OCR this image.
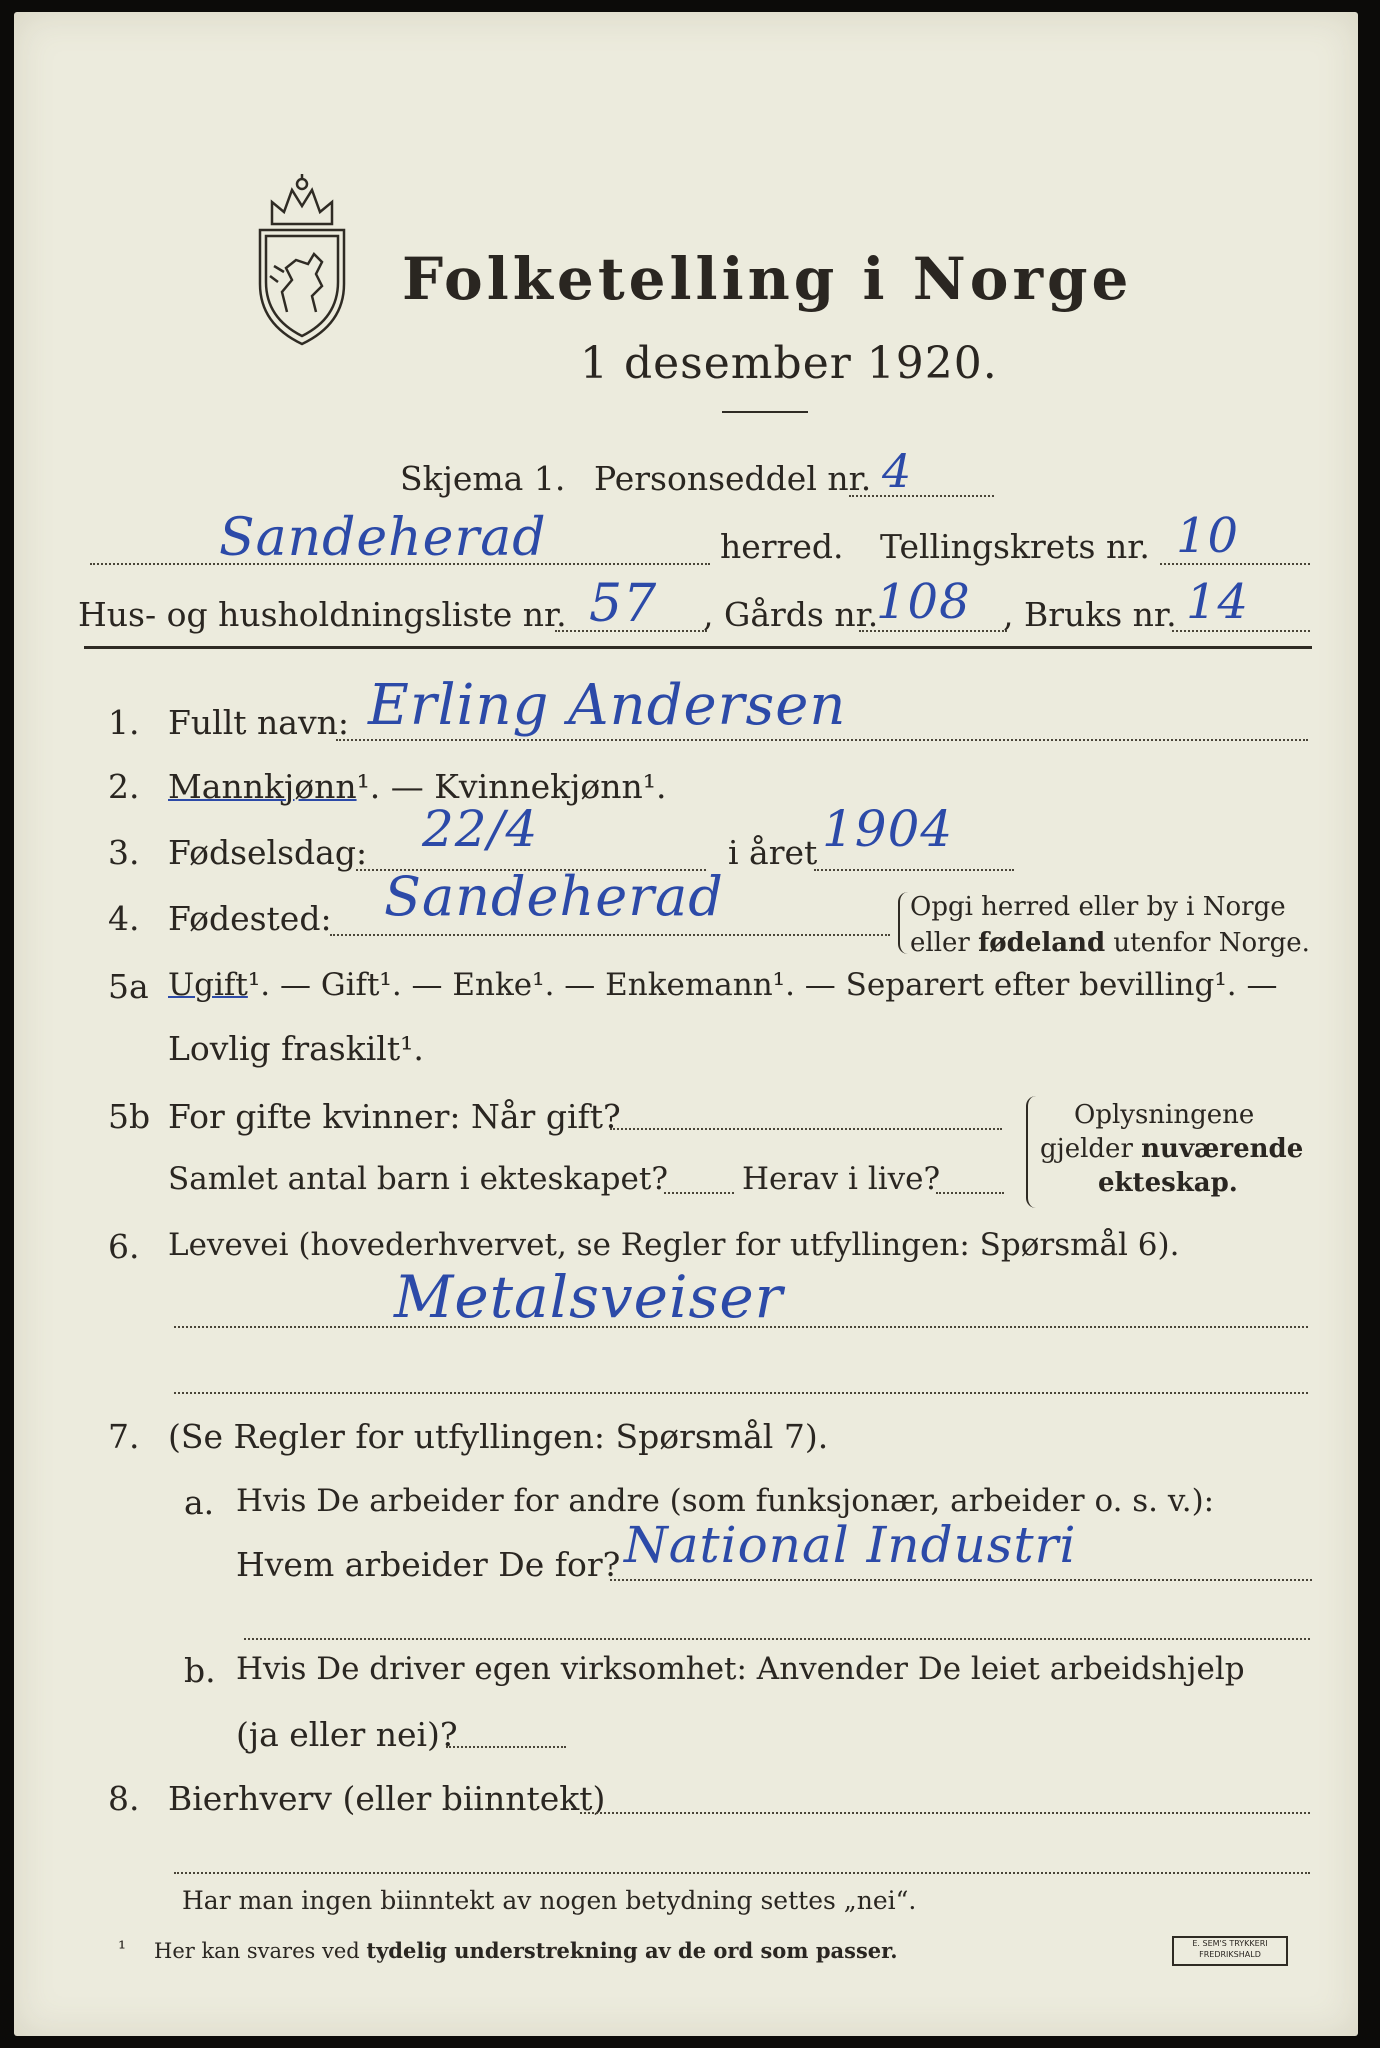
Folketelling i Norge
1 desember 1920.
Skjema 1. Personseddel nr. 4
Sandeherad	herred. Tellingskrets nr. 10
Hus- og husholdningsliste nr. 57 , Gårds nr.
108 , Bruks nr. 14
1. Fullt navn: Erling Andersen
2. Mannkjønn¹. — Kvinnekjønn¹.
3. Fødselsdag: 22/4	i året 1904
4. Fødested: Sandeherad	Opgi herred eller by i Norge
eller fødeland utenfor Norge.
5a Ugift¹. — Gift¹. — Enke¹. — Enkemann¹. — Separert efter bevilling¹. —
Lovlig fraskilt¹.
5b For gifte kvinner: Når gift?
Samlet antal barn i ekteskapet? Herav i live?
Oplysningene
gjelder nuværende
ekteskap.
6. Levevei (hovederhvervet, se Regler for utfyllingen: Spørsmål 6).
Metalsveiser
7. (Se Regler for utfyllingen: Spørsmål 7).
a. Hvis De arbeider for andre (som funksjonær, arbeider o. s. v.):
Hvem arbeider De for? National Industri
b. Hvis De driver egen virksomhet: Anvender De leiet arbeidshjelp
(ja eller nei)?
8. Bierhverv (eller biinntekt)
Har man ingen biinntekt av nogen betydning settes „nei“.
¹ Her kan svares ved tydelig understrekning av de ord som passer.	E. SEM'S TRYKKERI
FREDRIKSHALD
